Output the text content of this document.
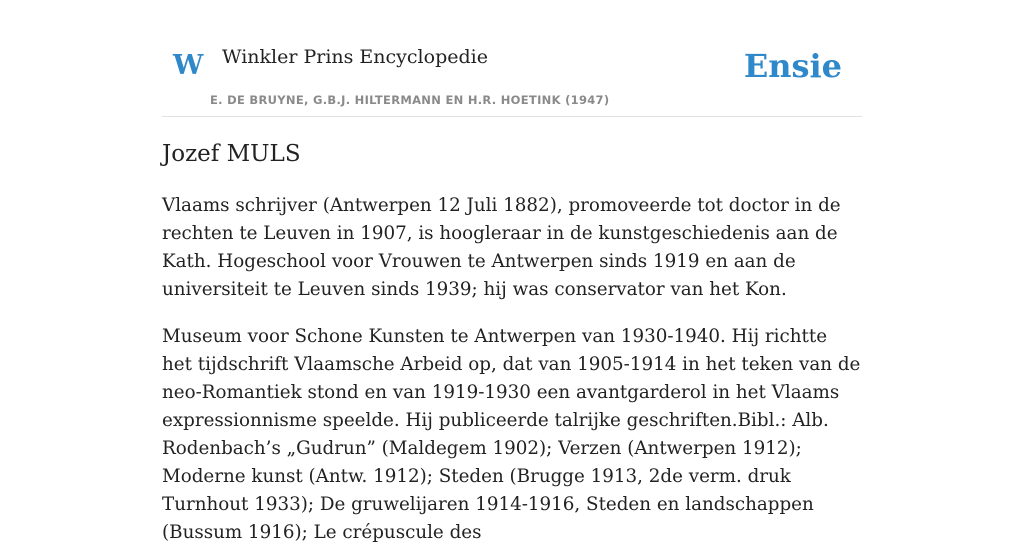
W Winkler Prins Encyclopedie
E. DE BRUYNE, G.B.J. HILTERMANN EN H.R. HOETINK (1947)
Ensie
Jozef MULS

Vlaams schrijver (Antwerpen 12 Juli 1882), promoveerde tot doctor in de rechten te Leuven in 1907, is hoogleraar in de kunstgeschiedenis aan de Kath. Hogeschool voor Vrouwen te Antwerpen sinds 1919 en aan de universiteit te Leuven sinds 1939; hij was conservator van het Kon.

Museum voor Schone Kunsten te Antwerpen van 1930-1940. Hij richtte het tijdschrift Vlaamsche Arbeid op, dat van 1905-1914 in het teken van de neo-Romantiek stond en van 1919-1930 een avantgarderol in het Vlaams expressionnisme speelde. Hij publiceerde talrijke geschriften.Bibl.: Alb. Rodenbach’s „Gudrun” (Maldegem 1902); Verzen (Antwerpen 1912); Moderne kunst (Antw. 1912); Steden (Brugge 1913, 2de verm. druk Turnhout 1933); De gruwelijaren 1914-1916, Steden en landschappen (Bussum 1916); Le crépuscule des
